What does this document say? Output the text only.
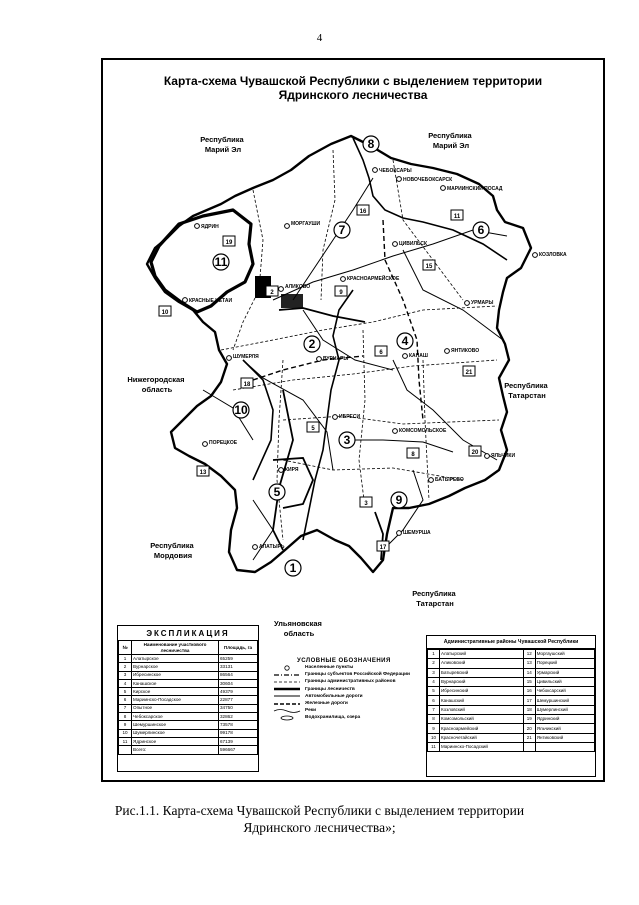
4
Карта-схема Чувашской Республики с выделением территории
Ядринского лесничества
Республика Марий Эл
Республика Марий Эл
Нижегородская область	Республика Татарстан
Республика Мордовия
Республика Татарстан
Ульяновская область
ЧЕБОКСАРЫ
НОВОЧЕБОКСАРСК
МАРИИНСКИЙ ПОСАД
МОРГАУШИ
ЯДРИН
ЦИВИЛЬСК
КОЗЛОВКА
КРАСНОАРМЕЙСКОЕ
АЛИКОВО
КРАСНЫЕ ЧЕТАИ	УРМАРЫ
ВУРНАРЫ
ШУМЕРЛЯ	КАНАШ
ЯНТИКОВО
ИБРЕСИ
КОМСОМОЛЬСКОЕ
ПОРЕЦКОЕ
ЯЛЬЧИКИ
КИРЯ
БАТЫРЕВО
ШЕМУРША
АЛАТЫРЬ
1
2
3
4
5
6
7
8
9
10
11
2
3
5
6
8
9
10
11
13
15
16
17
18
19
20
21
ЭКСПЛИКАЦИЯ
№	Наименование участкового лесничества	Площадь, га
1	Алатырское	65259
2	Вурнарское	33131
3	Ибресинское	86564
4	Канашское	30604
5	Кирское	49379
6	Мариинско-Посадское	22877
7	Опытное	34750
8	Чебоксарское	32862
9	Шемуршинское	73578
10	Шумерлинское	99178
11	Ядринское	67139
	Всего:	596667
УСЛОВНЫЕ ОБОЗНАЧЕНИЯ
Населенные пункты
Границы субъектов Российской Федерации
Границы административных районов
Границы лесничеств
Автомобильные дороги
Железные дороги
Реки
Водохранилища, озера
Административные районы Чувашской Республики
1	Алатырский	12	Моргаушский
2	Аликовский	13	Порецкий
3	Батыревский	14	Урмарский
4	Вурнарский	15	Цивильский
5	Ибресинский	16	Чебоксарский
6	Канашский	17	Шемуршинский
7	Козловский	18	Шумерлинский
8	Комсомольский	19	Ядринский
9	Красноармейский	20	Яльчикский
10	Красночетайский	21	Янтиковский
11	Мариинско-Посадский		
Рис.1.1. Карта-схема Чувашской Республики с выделением территории
Ядринского лесничества»;
